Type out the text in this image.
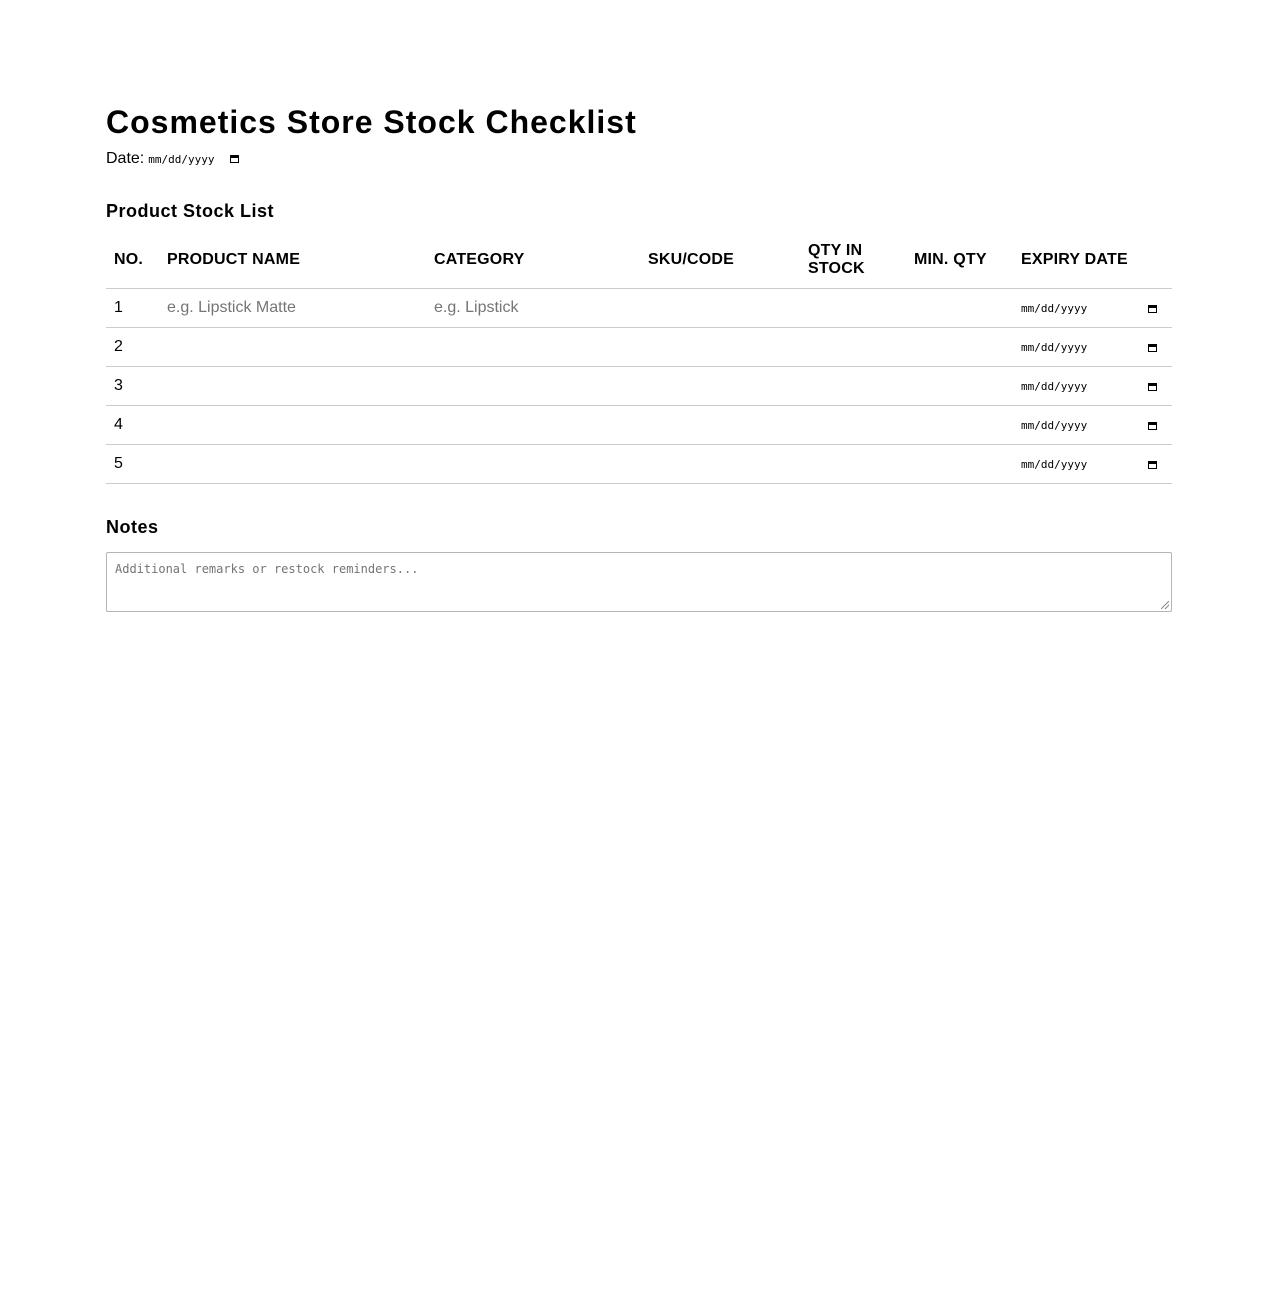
Cosmetics Store Stock Checklist
Date: mm/dd/yyyy
Product Stock List
NO.	PRODUCT NAME	CATEGORY	SKU/CODE	QTY IN STOCK	MIN. QTY	EXPIRY DATE
1	e.g. Lipstick Matte	e.g. Lipstick				mm/dd/yyyy

2						mm/dd/yyyy

3						mm/dd/yyyy

4						mm/dd/yyyy

5						mm/dd/yyyy
Notes
Additional remarks or restock reminders...
